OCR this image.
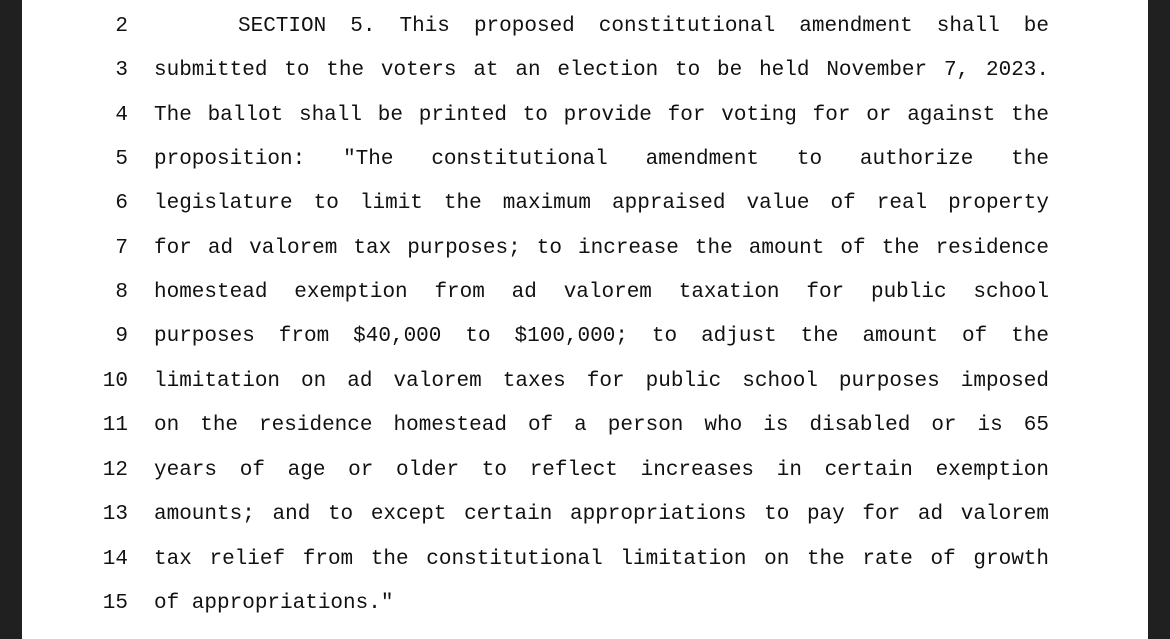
2	SECTION 5. This proposed constitutional amendment shall be
3 submitted to the voters at an election to be held November 7, 2023.
4 The ballot shall be printed to provide for voting for or against the
5 proposition: "The constitutional amendment to authorize the
6 legislature to limit the maximum appraised value of real property
7 for ad valorem tax purposes; to increase the amount of the residence
8 homestead exemption from ad valorem taxation for public school
9 purposes from $40,000 to $100,000; to adjust the amount of the
10 limitation on ad valorem taxes for public school purposes imposed
11 on the residence homestead of a person who is disabled or is 65
12 years of age or older to reflect increases in certain exemption
13 amounts; and to except certain appropriations to pay for ad valorem
14 tax relief from the constitutional limitation on the rate of growth
15 of appropriations."
